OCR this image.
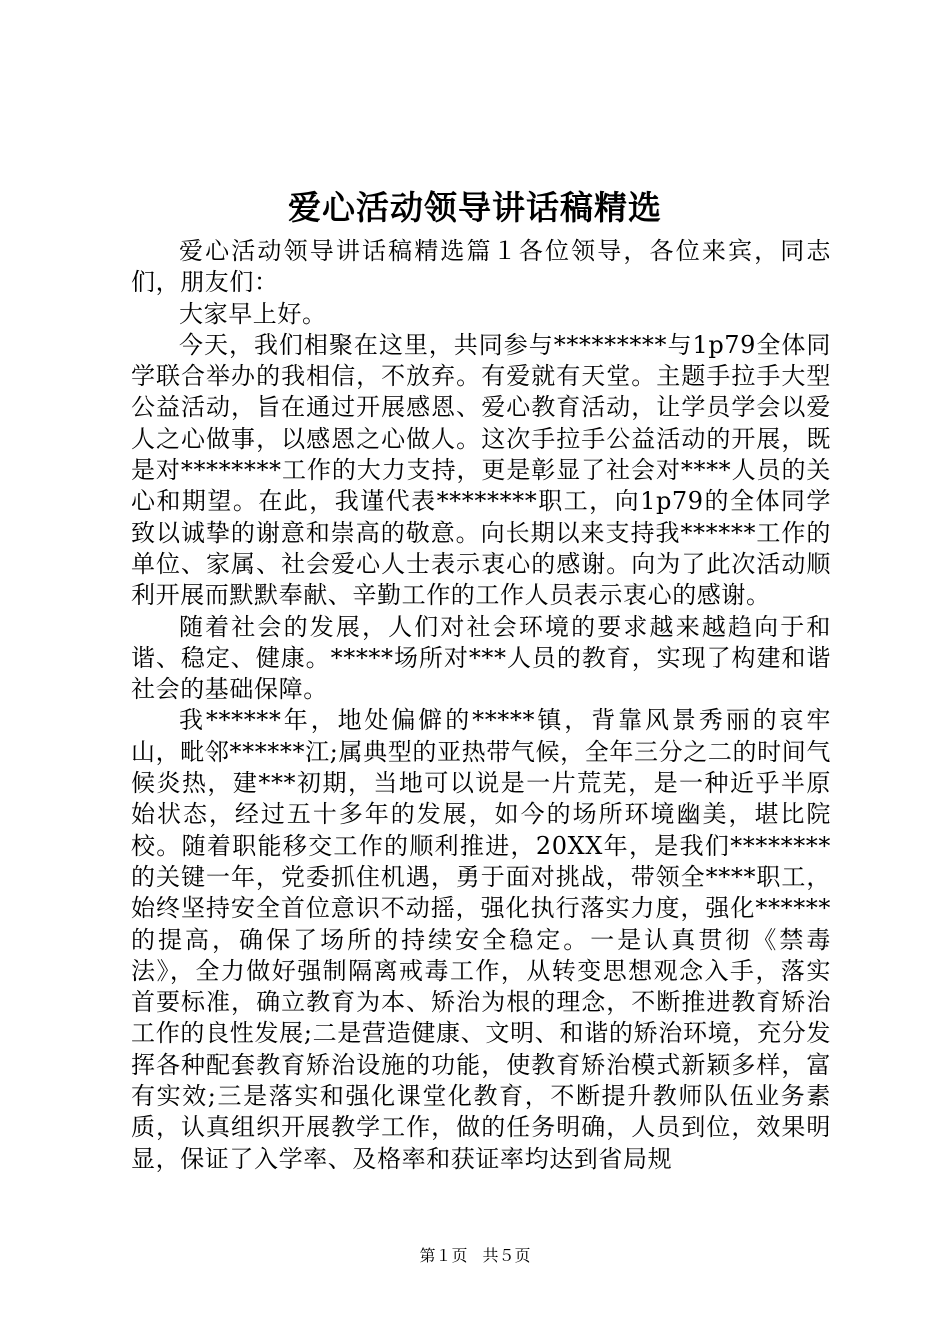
爱心活动领导讲话稿精选

爱心活动领导讲话稿精选篇１各位领导，各位来宾，同志们，朋友们：

大家早上好。

今天，我们相聚在这里，共同参与*********与1p79全体同学联合举办的我相信，不放弃。有爱就有天堂。主题手拉手大型公益活动，旨在通过开展感恩、爱心教育活动，让学员学会以爱人之心做事，以感恩之心做人。这次手拉手公益活动的开展，既是对********工作的大力支持，更是彰显了社会对****人员的关心和期望。在此，我谨代表********职工，向1p79的全体同学致以诚挚的谢意和崇高的敬意。向长期以来支持我******工作的单位、家属、社会爱心人士表示衷心的感谢。向为了此次活动顺利开展而默默奉献、辛勤工作的工作人员表示衷心的感谢。

随着社会的发展，人们对社会环境的要求越来越趋向于和谐、稳定、健康。*****场所对***人员的教育，实现了构建和谐社会的基础保障。

我******年，地处偏僻的*****镇，背靠风景秀丽的哀牢山，毗邻******江;属典型的亚热带气候，全年三分之二的时间气候炎热，建***初期，当地可以说是一片荒芜，是一种近乎半原始状态，经过五十多年的发展，如今的场所环境幽美，堪比院校。随着职能移交工作的顺利推进，20XX年，是我们********的关键一年，党委抓住机遇，勇于面对挑战，带领全****职工，始终坚持安全首位意识不动摇，强化执行落实力度，强化******的提高，确保了场所的持续安全稳定。一是认真贯彻《禁毒法》，全力做好强制隔离戒毒工作，从转变思想观念入手，落实首要标准，确立教育为本、矫治为根的理念，不断推进教育矫治工作的良性发展;二是营造健康、文明、和谐的矫治环境，充分发挥各种配套教育矫治设施的功能，使教育矫治模式新颖多样，富有实效;三是落实和强化课堂化教育，不断提升教师队伍业务素质，认真组织开展教学工作，做的任务明确，人员到位，效果明显，保证了入学率、及格率和获证率均达到省局规

第１页 共５页
